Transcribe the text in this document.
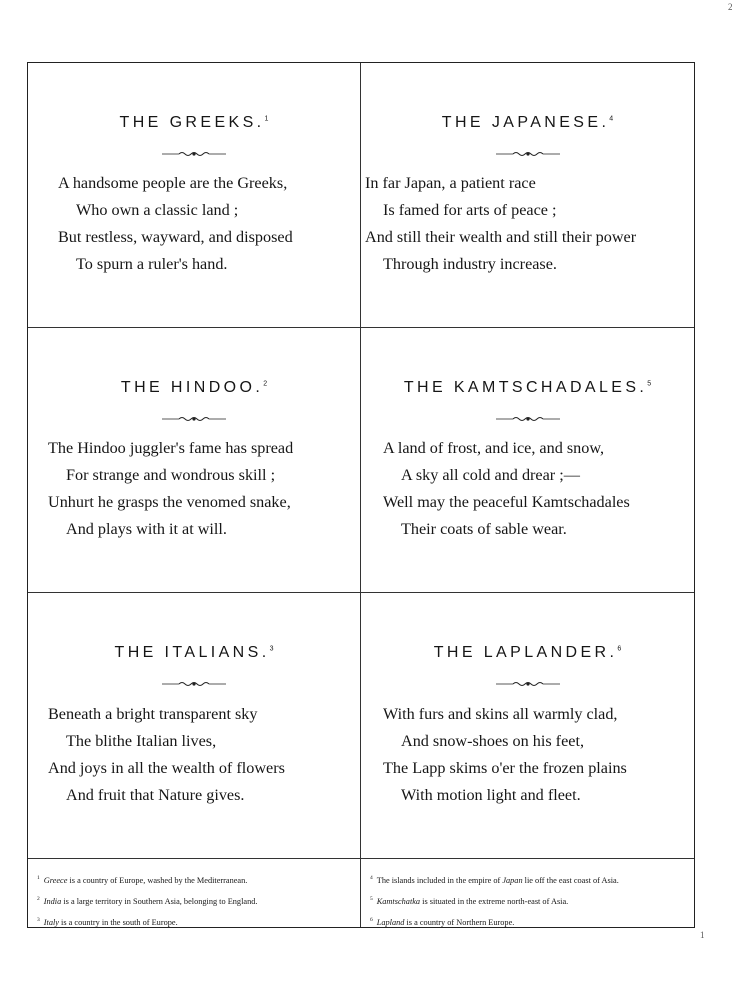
2
1
THE GREEKS.$^1$
A handsome people are the Greeks,
Who own a classic land ;
But restless, wayward, and disposed
To spurn a ruler's hand.
THE JAPANESE.$^4$
In far Japan, a patient race
Is famed for arts of peace ;
And still their wealth and still their power
Through industry increase.
THE HINDOO.$^2$
The Hindoo juggler's fame has spread
For strange and wondrous skill ;
Unhurt he grasps the venomed snake,
And plays with it at will.
THE KAMTSCHADALES.$^5$
A land of frost, and ice, and snow,
A sky all cold and drear ;—
Well may the peaceful Kamtschadales
Their coats of sable wear.
THE ITALIANS.$^3$
Beneath a bright transparent sky
The blithe Italian lives,
And joys in all the wealth of flowers
And fruit that Nature gives.
THE LAPLANDER.$^6$
With furs and skins all warmly clad,
And snow-shoes on his feet,
The Lapp skims o'er the frozen plains
With motion light and fleet.
$^1$ Greece is a country of Europe, washed by the Mediterranean.
$^2$ India is a large territory in Southern Asia, belonging to England.
$^3$ Italy is a country in the south of Europe.
$^4$ The islands included in the empire of Japan lie off the east coast of Asia.
$^5$ Kamtschatka is situated in the extreme north-east of Asia.
$^6$ Lapland is a country of Northern Europe.
